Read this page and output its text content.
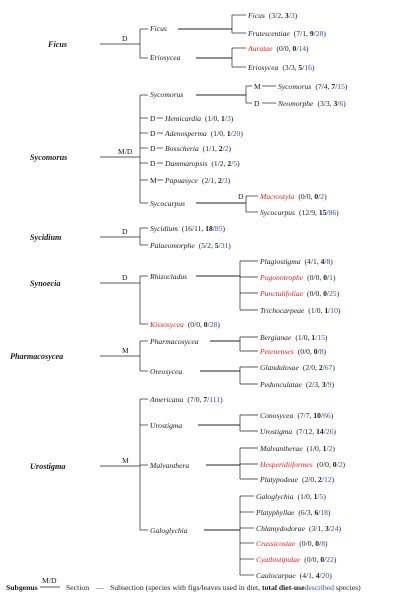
Ficus
D
Sycomorus
M/D
Sycidium
D
Synoecia
D
Pharmacosycea
M
Urostigma
M
Ficus
Eriosycea
Sycomorus
M
D
Sycocarpus
D
Rhizocladus
Pharmacosycea
Oreosycea
Urostigma
Malvanthera
Galoglychia
Ficus (3/2, 3/3)
Frutescentiae (7/1, 9/28)
Auratae (0/0, 0/14)
Eriosycea (3/3, 5/16)
Sycomorus (7/4, 7/15)
Neomorphe (3/3, 3/6)
D Hemicardia (1/0, 1/3)
D Adenosperma (1/0, 1/20)
D Bosscheria (1/1, 2/2)
D Dammaropsis (1/2, 2/5)
M Papuasyce (2/1, 2/3)
Macrostyla (0/0, 0/2)
Sycocarpus (12/9, 15/86)
Sycidium (16/11, 18/85)
Palaeomorphe (5/2, 5/31)
Plagiostigma (4/1, 4/8)
Pogonotrophe (0/0, 0/1)
Punctulifoliae (0/0, 0/25)
Trichocarpeae (1/0, 1/10)
Kissosycea (0/0, 0/28)
Bergianae (1/0, 1/15)
Petenenses (0/0, 0/8)
Glandulosae (2/0, 2/67)
Pedunculatae (2/3, 3/9)
Americana (7/0, 7/111)
Conosycea (7/7, 10/66)
Urostigma (7/12, 14/26)
Malvantherae (1/0, 1/2)
Hesperidiiformes (0/0, 0/2)
Platypodeae (2/0, 2/12)
Galoglychia (1/0, 1/5)
Platyphyllae (6/3, 6/18)
Chlamydodorae (3/1, 3/24)
Crassicostae (0/0, 0/8)
Cyathistipulae (0/0, 0/22)
Caulocarpae (4/1, 4/20)
Subgenus
M/D
Section — Subsection (species with figs/leaves used in diet, total diet-usedescribed species)
